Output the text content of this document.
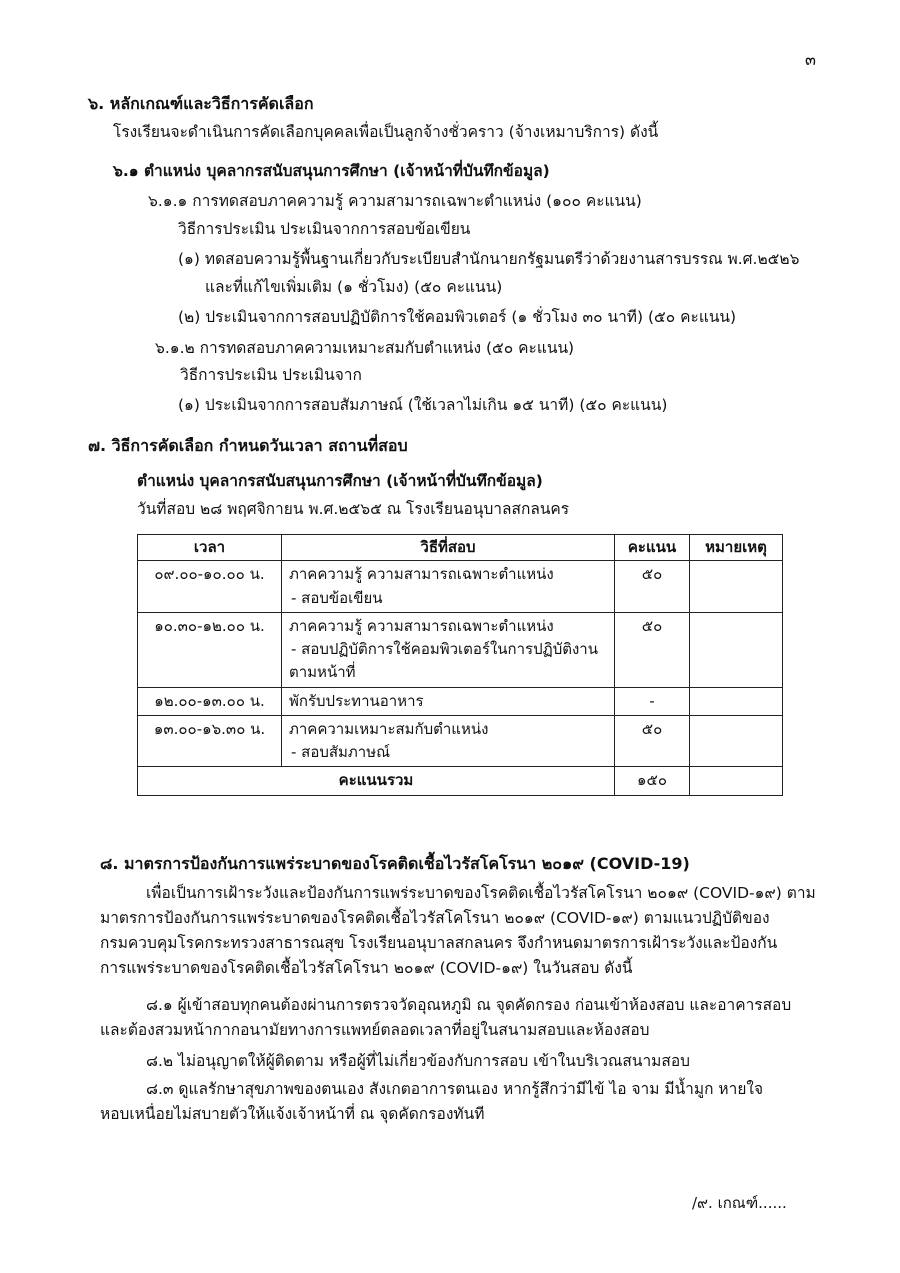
๓
๖. หลักเกณฑ์และวิธีการคัดเลือก
โรงเรียนจะดำเนินการคัดเลือกบุคคลเพื่อเป็นลูกจ้างชั่วคราว (จ้างเหมาบริการ) ดังนี้
๖.๑ ตำแหน่ง บุคลากรสนับสนุนการศึกษา (เจ้าหน้าที่บันทึกข้อมูล)
๖.๑.๑ การทดสอบภาคความรู้ ความสามารถเฉพาะตำแหน่ง (๑๐๐ คะแนน)
วิธีการประเมิน ประเมินจากการสอบข้อเขียน
(๑) ทดสอบความรู้พื้นฐานเกี่ยวกับระเบียบสำนักนายกรัฐมนตรีว่าด้วยงานสารบรรณ พ.ศ.๒๕๒๖
และที่แก้ไขเพิ่มเติม (๑ ชั่วโมง) (๕๐ คะแนน)
(๒) ประเมินจากการสอบปฏิบัติการใช้คอมพิวเตอร์ (๑ ชั่วโมง ๓๐ นาที) (๕๐ คะแนน)
๖.๑.๒ การทดสอบภาคความเหมาะสมกับตำแหน่ง (๕๐ คะแนน)
วิธีการประเมิน ประเมินจาก
(๑) ประเมินจากการสอบสัมภาษณ์ (ใช้เวลาไม่เกิน ๑๕ นาที) (๕๐ คะแนน)
๗. วิธีการคัดเลือก กำหนดวันเวลา สถานที่สอบ
ตำแหน่ง บุคลากรสนับสนุนการศึกษา (เจ้าหน้าที่บันทึกข้อมูล)
วันที่สอบ ๒๘ พฤศจิกายน พ.ศ.๒๕๖๕ ณ โรงเรียนอนุบาลสกลนคร
เวลา	วิธีที่สอบ	คะแนน	หมายเหตุ
๐๙.๐๐-๑๐.๐๐ น.	ภาคความรู้ ความสามารถเฉพาะตำแหน่ง
- สอบข้อเขียน	๕๐	
๑๐.๓๐-๑๒.๐๐ น.	ภาคความรู้ ความสามารถเฉพาะตำแหน่ง
- สอบปฏิบัติการใช้คอมพิวเตอร์ในการปฏิบัติงาน
ตามหน้าที่	๕๐	
๑๒.๐๐-๑๓.๐๐ น.	พักรับประทานอาหาร	-	
๑๓.๐๐-๑๖.๓๐ น.	ภาคความเหมาะสมกับตำแหน่ง
- สอบสัมภาษณ์	๕๐	
คะแนนรวม		๑๕๐	
๘. มาตรการป้องกันการแพร่ระบาดของโรคติดเชื้อไวรัสโคโรนา ๒๐๑๙ (COVID-19)
เพื่อเป็นการเฝ้าระวังและป้องกันการแพร่ระบาดของโรคติดเชื้อไวรัสโคโรนา ๒๐๑๙ (COVID-๑๙) ตาม
มาตรการป้องกันการแพร่ระบาดของโรคติดเชื้อไวรัสโคโรนา ๒๐๑๙ (COVID-๑๙) ตามแนวปฏิบัติของ
กรมควบคุมโรคกระทรวงสาธารณสุข โรงเรียนอนุบาลสกลนคร จึงกำหนดมาตรการเฝ้าระวังและป้องกัน
การแพร่ระบาดของโรคติดเชื้อไวรัสโคโรนา ๒๐๑๙ (COVID-๑๙) ในวันสอบ ดังนี้
๘.๑ ผู้เข้าสอบทุกคนต้องผ่านการตรวจวัดอุณหภูมิ ณ จุดคัดกรอง ก่อนเข้าห้องสอบ และอาคารสอบ
และต้องสวมหน้ากากอนามัยทางการแพทย์ตลอดเวลาที่อยู่ในสนามสอบและห้องสอบ
๘.๒ ไม่อนุญาตให้ผู้ติดตาม หรือผู้ที่ไม่เกี่ยวข้องกับการสอบ เข้าในบริเวณสนามสอบ
๘.๓ ดูแลรักษาสุขภาพของตนเอง สังเกตอาการตนเอง หากรู้สึกว่ามีไข้ ไอ จาม มีน้ำมูก หายใจ
หอบเหนื่อยไม่สบายตัวให้แจ้งเจ้าหน้าที่ ณ จุดคัดกรองทันที
/๙. เกณฑ์......
